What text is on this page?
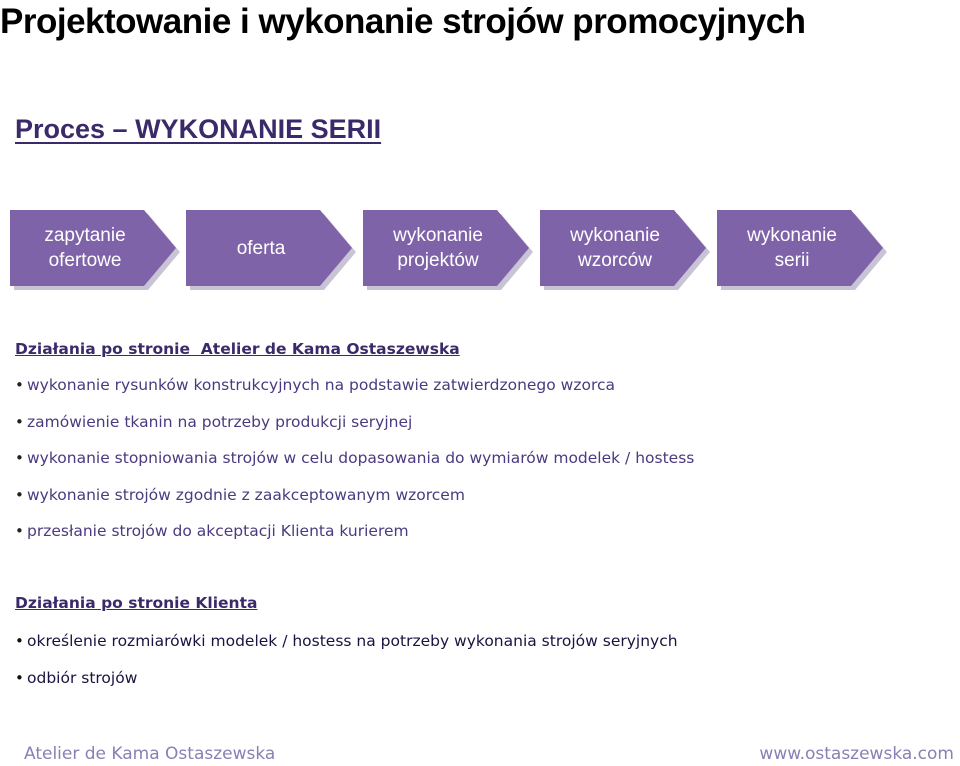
Projektowanie i wykonanie strojów promocyjnych
Proces – WYKONANIE SERII
zapytanie
ofertowe
oferta
wykonanie
projektów
wykonanie
wzorców
wykonanie
serii
Działania po stronie  Atelier de Kama Ostaszewska
• wykonanie rysunków konstrukcyjnych na podstawie zatwierdzonego wzorca
• zamówienie tkanin na potrzeby produkcji seryjnej
• wykonanie stopniowania strojów w celu dopasowania do wymiarów modelek / hostess
• wykonanie strojów zgodnie z zaakceptowanym wzorcem
• przesłanie strojów do akceptacji Klienta kurierem
Działania po stronie Klienta
• określenie rozmiarówki modelek / hostess na potrzeby wykonania strojów seryjnych
• odbiór strojów
Atelier de Kama Ostaszewska	www.ostaszewska.com
